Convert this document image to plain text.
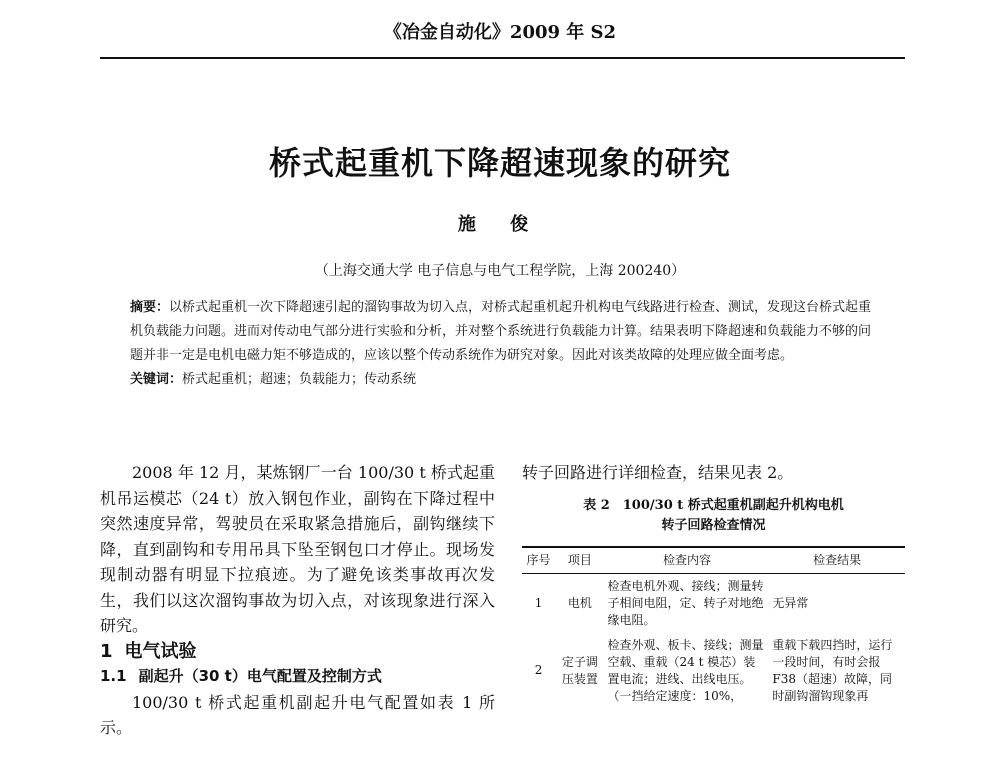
《冶金自动化》2009 年 S2
桥式起重机下降超速现象的研究
施 俊
（上海交通大学 电子信息与电气工程学院，上海 200240）

摘要：以桥式起重机一次下降超速引起的溜钩事故为切入点，对桥式起重机起升机构电气线路进行检查、测试，发现这台桥式起重机负载能力问题。进而对传动电气部分进行实验和分析，并对整个系统进行负载能力计算。结果表明下降超速和负载能力不够的问题并非一定是电机电磁力矩不够造成的，应该以整个传动系统作为研究对象。因此对该类故障的处理应做全面考虑。

关键词：桥式起重机；超速；负载能力；传动系统

2008 年 12 月，某炼钢厂一台 100/30 t 桥式起重机吊运模芯（24 t）放入钢包作业，副钩在下降过程中突然速度异常，驾驶员在采取紧急措施后，副钩继续下降，直到副钩和专用吊具下坠至钢包口才停止。现场发现制动器有明显下拉痕迹。为了避免该类事故再次发生，我们以这次溜钩事故为切入点，对该现象进行深入研究。

1 电气试验

1.1 副起升（30 t）电气配置及控制方式

100/30 t 桥式起重机副起升电气配置如表 1 所示。

转子回路进行详细检查，结果见表 2。

表 2　100/30 t 桥式起重机副起升机构电机
转子回路检查情况
序号	项目	检查内容	检查结果
1	电机	检查电机外观、接线；测量转子相间电阻，定、转子对地绝缘电阻。	无异常
2	定子调压装置	检查外观、板卡、接线；测量空载、重载（24 t 模芯）装置电流；进线、出线电压。（一挡给定速度：10%，	重载下载四挡时，运行一段时间，有时会报 F38（超速）故障，同时副钩溜钩现象再
